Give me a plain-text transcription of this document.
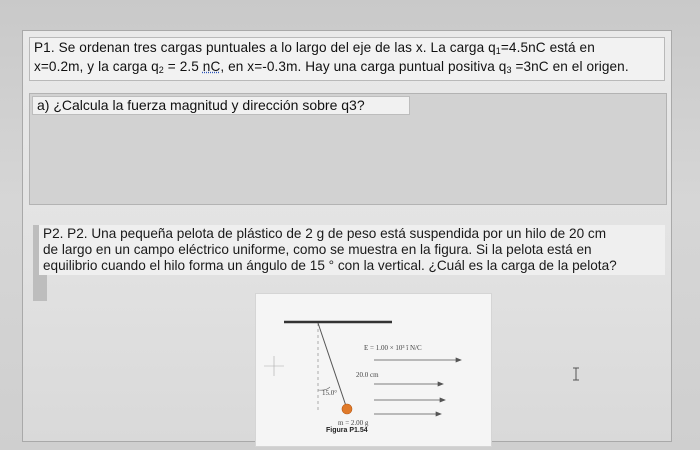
P1. Se ordenan tres cargas puntuales a lo largo del eje de las x. La carga $q_1=4.5nC$ está en
x=0.2m, y la carga $q_2 = 2.5$ nC, en x=-0.3m. Hay una carga puntual positiva $q_3 =3nC$ en el origen.
a) ¿Calcula la fuerza magnitud y dirección sobre q3?
P2. P2. Una pequeña pelota de plástico de 2 g de peso está suspendida por un hilo de 20 cm
de largo en un campo eléctrico uniforme, como se muestra en la figura. Si la pelota está en
equilibrio cuando el hilo forma un ángulo de 15 ° con la vertical. ¿Cuál es la carga de la pelota?
E = 1.00 × 10³ î N/C
20.0 cm
15.0°
m = 2.00 g
Figura P1.54
